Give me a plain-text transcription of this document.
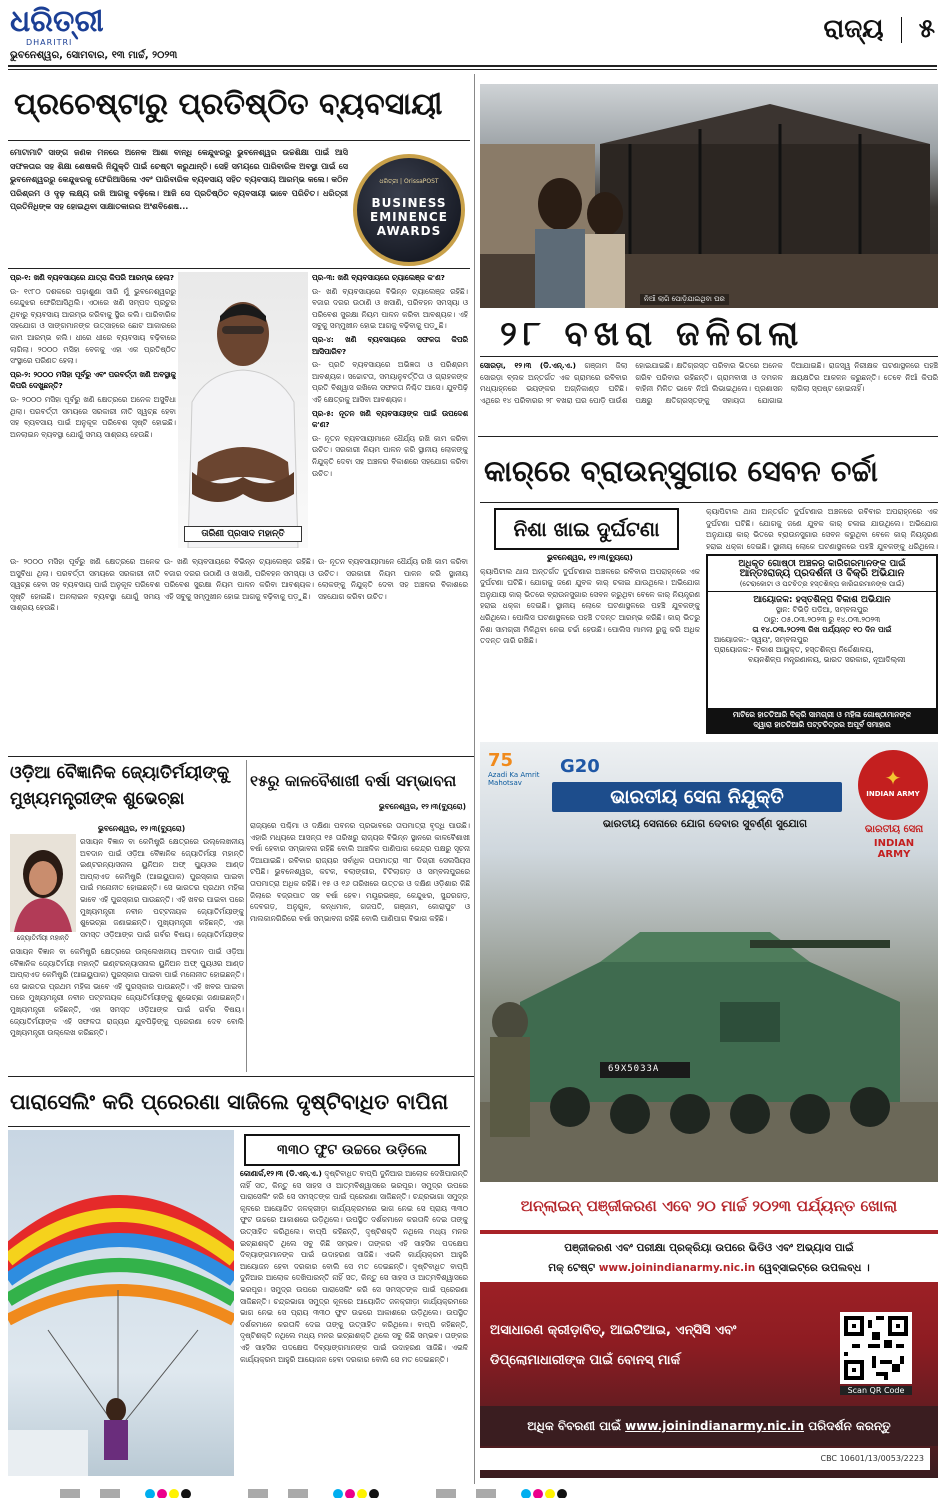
ଧରିତ୍ରୀ
DHARITRI
ଭୁବନେଶ୍ୱର, ସୋମବାର, ୧୩ ମାର୍ଚ୍ଚ, ୨୦୨୩
ରାଜ୍ୟ ୫
ପ୍ରଚେଷ୍ଟାରୁ ପ୍ରତିଷ୍ଠିତ ବ୍ୟବସାୟୀ
ମୋଟାମାଟି ସାଙ୍ଗ ଜଣକ ମନରେ ଅନେକ ଆଶା ବାନ୍ଧି କେନ୍ଦୁଝରରୁ ଭୁବନେଶ୍ୱର ଉଚ୍ଚଶିକ୍ଷା ପାଇଁ ଆସି ସଫଳତାର ସହ ଶିକ୍ଷା ଶେଷକରି ନିଯୁକ୍ତି ପାଇଁ ଚେଷ୍ଟା କରୁଥାନ୍ତି। ସେହି ସମୟରେ ପାରିବାରିକ ଅବସ୍ଥା ପାଇଁ ସେ ଭୁବନେଶ୍ୱରରୁ କେନ୍ଦୁଝରକୁ ଫେରିଆସିଲେ ଏବଂ ପାରିବାରିକ ବ୍ୟବସାୟ ସହିତ ବ୍ୟବସାୟ ଆରମ୍ଭ କଲେ। କଠିନ ପରିଶ୍ରମ ଓ ଦୃଢ଼ ଲକ୍ଷ୍ୟ ରଖି ଆଗକୁ ବଢ଼ିଲେ। ଆଜି ସେ ପ୍ରତିଷ୍ଠିତ ବ୍ୟବସାୟୀ ଭାବେ ପରିଚିତ। ଧରିତ୍ରୀ ପ୍ରତିନିଧିଙ୍କ ସହ ହୋଇଥିବା ସାକ୍ଷାତକାରର ଅଂଶବିଶେଷ...
ଧରିତ୍ରୀ | OrissaPOST
BUSINESS
EMINENCE
AWARDS

ପ୍ର-୧: ଖଣି ବ୍ୟବସାୟରେ ଯାତ୍ରା କିପରି ଆରମ୍ଭ ହେଲା?

ଉ- ୧୯୮୦ ଦଶକରେ ପଢ଼ାଶୁଣା ସାରି ମୁଁ ଭୁବନେଶ୍ୱରରୁ କେନ୍ଦୁଝର ଫେରିଆସିଥିଲି। ଏଠାରେ ଖଣି ସମ୍ପଦ ପ୍ରଚୁର ଥିବାରୁ ବ୍ୟବସାୟ ଆରମ୍ଭ କରିବାକୁ ସ୍ଥିର କଲି। ପାରିବାରିକ ସହଯୋଗ ଓ ସାଙ୍ଗମାନଙ୍କ ଉତ୍ସାହରେ ଛୋଟ ଆକାରରେ କାମ ଆରମ୍ଭ କଲି। ଧୀରେ ଧୀରେ ବ୍ୟବସାୟ ବଢ଼ିବାରେ ଲାଗିଲା। ୨୦୦୦ ମସିହା ବେଳକୁ ଏହା ଏକ ପ୍ରତିଷ୍ଠିତ ସଂସ୍ଥାରେ ପରିଣତ ହେଲା।

ପ୍ର-୨: ୨୦୦୦ ମସିହା ପୂର୍ବରୁ ଏବଂ ପରବର୍ତ୍ତୀ ଖଣି ଅବସ୍ଥାକୁ କିପରି ଦେଖୁଛନ୍ତି?

ଉ- ୨୦୦୦ ମସିହା ପୂର୍ବରୁ ଖଣି କ୍ଷେତ୍ରରେ ଅନେକ ଅସୁବିଧା ଥିଲା। ପରବର୍ତ୍ତୀ ସମୟରେ ସରକାରୀ ନୀତି ସ୍ୱଚ୍ଛ ହେବା ସହ ବ୍ୟବସାୟ ପାଇଁ ଅନୁକୂଳ ପରିବେଶ ସୃଷ୍ଟି ହୋଇଛି। ଅନଲାଇନ ବ୍ୟବସ୍ଥା ଯୋଗୁଁ ସମୟ ସାଶ୍ରୟ ହେଉଛି।

ତାରିଣୀ ପ୍ରସାଦ ମହାନ୍ତି

ପ୍ର-୩: ଖଣି ବ୍ୟବସାୟରେ ଚ୍ୟାଲେଞ୍ଜ କ'ଣ?

ଉ- ଖଣି ବ୍ୟବସାୟରେ ବିଭିନ୍ନ ଚ୍ୟାଲେଞ୍ଜ ରହିଛି। ବଜାର ଦରର ଉଠାଣି ଓ ଖସାଣି, ପରିବହନ ସମସ୍ୟା ଓ ପରିବେଶ ସୁରକ୍ଷା ନିୟମ ପାଳନ କରିବା ଆବଶ୍ୟକ। ଏହି ସବୁକୁ ସମ୍ମୁଖୀନ ହୋଇ ଆଗକୁ ବଢ଼ିବାକୁ ପଡ଼ୁଛି।

ପ୍ର-୪: ଖଣି ବ୍ୟବସାୟରେ ସଫଳତା କିପରି ଆସିପାରିବ?

ଉ- ପ୍ରତି ବ୍ୟବସାୟରେ ଅଭିଜ୍ଞତା ଓ ପରିଶ୍ରମ ଆବଶ୍ୟକ। ସଚ୍ଚୋଟତା, ସମୟାନୁବର୍ତ୍ତିତା ଓ ଗ୍ରାହକଙ୍କ ପ୍ରତି ବିଶ୍ୱାସ ରଖିଲେ ସଫଳତା ନିଶ୍ଚିତ ଆସେ। ଯୁବପିଢ଼ି ଏହି କ୍ଷେତ୍ରକୁ ଆସିବା ଆବଶ୍ୟକ।

ପ୍ର-୫: ନୂତନ ଖଣି ବ୍ୟବସାୟୀଙ୍କ ପାଇଁ ଉପଦେଶ କ'ଣ?

ଉ- ନୂତନ ବ୍ୟବସାୟୀମାନେ ଧୈର୍ଯ୍ୟ ରଖି କାମ କରିବା ଉଚିତ। ସରକାରୀ ନିୟମ ପାଳନ କରି ସ୍ଥାନୀୟ ଲୋକଙ୍କୁ ନିଯୁକ୍ତି ଦେବା ସହ ଅଞ୍ଚଳର ବିକାଶରେ ସହଯୋଗ କରିବା ଉଚିତ।

ଉ- ୨୦୦୦ ମସିହା ପୂର୍ବରୁ ଖଣି କ୍ଷେତ୍ରରେ ଅନେକ ଅସୁବିଧା ଥିଲା। ପରବର୍ତ୍ତୀ ସମୟରେ ସରକାରୀ ନୀତି ସ୍ୱଚ୍ଛ ହେବା ସହ ବ୍ୟବସାୟ ପାଇଁ ଅନୁକୂଳ ପରିବେଶ ସୃଷ୍ଟି ହୋଇଛି। ଅନଲାଇନ ବ୍ୟବସ୍ଥା ଯୋଗୁଁ ସମୟ ସାଶ୍ରୟ ହେଉଛି।
ଉ- ଖଣି ବ୍ୟବସାୟରେ ବିଭିନ୍ନ ଚ୍ୟାଲେଞ୍ଜ ରହିଛି। ବଜାର ଦରର ଉଠାଣି ଓ ଖସାଣି, ପରିବହନ ସମସ୍ୟା ଓ ପରିବେଶ ସୁରକ୍ଷା ନିୟମ ପାଳନ କରିବା ଆବଶ୍ୟକ। ଏହି ସବୁକୁ ସମ୍ମୁଖୀନ ହୋଇ ଆଗକୁ ବଢ଼ିବାକୁ ପଡ଼ୁଛି।
ଉ- ନୂତନ ବ୍ୟବସାୟୀମାନେ ଧୈର୍ଯ୍ୟ ରଖି କାମ କରିବା ଉଚିତ। ସରକାରୀ ନିୟମ ପାଳନ କରି ସ୍ଥାନୀୟ ଲୋକଙ୍କୁ ନିଯୁକ୍ତି ଦେବା ସହ ଅଞ୍ଚଳର ବିକାଶରେ ସହଯୋଗ କରିବା ଉଚିତ।
ନିଆଁ ଲାଗି ପୋଡ଼ିଯାଇଥିବା ଘର
୨୮ ବଖରା ଜଳିଗଲା
ସୋରଡ଼ା, ୧୨।୩ (ଡି.ଏନ୍.ଏ.) ଗଞ୍ଜାମ ଜିଲା ସୋରଡ଼ା ବ୍ଲକ ଅନ୍ତର୍ଗତ ଏକ ଗ୍ରାମରେ ରବିବାର ମଧ୍ୟାହ୍ନରେ ଭୟଙ୍କର ଅଗ୍ନିକାଣ୍ଡ ଘଟିଛି। ଏଥିରେ ୧୪ ପରିବାରର ୨୮ ବଖରା ଘର ପୋଡ଼ି ପାଉଁଶ ହୋଇଯାଇଛି। କ୍ଷତିଗ୍ରସ୍ତ ପରିବାର ଭିତରେ ଅନେକ ଗରିବ ପରିବାର ରହିଛନ୍ତି। ଗ୍ରାମବାସୀ ଓ ଦମକଳ ବାହିନୀ ମିଳିତ ଭାବେ ନିଆଁ ଲିଭାଇଥିଲେ। ପ୍ରଶାସନ ପକ୍ଷରୁ କ୍ଷତିଗ୍ରସ୍ତଙ୍କୁ ସହାୟତା ଯୋଗାଇ ଦିଆଯାଇଛି। ରାଜସ୍ୱ ନିରୀକ୍ଷକ ଘଟଣାସ୍ଥଳରେ ପହଞ୍ଚି କ୍ଷୟକ୍ଷତିର ଆକଳନ କରୁଛନ୍ତି। ତେବେ ନିଆଁ କିପରି ଲାଗିଲା ସ୍ପଷ୍ଟ ହୋଇନାହିଁ।
କାର୍‌ରେ ବ୍ରାଉନ୍‌ସୁଗାର ସେବନ ଚର୍ଚ୍ଚା
ନିଶା ଖାଇ ଦୁର୍ଘଟଣା
କ୍ୟାପିଟାଲ ଥାନା ଅନ୍ତର୍ଗତ ଦୁର୍ଘଟଣାର ଅଞ୍ଚଳରେ ରବିବାର ଅପରାହ୍ନରେ ଏକ ଦୁର୍ଘଟଣା ଘଟିଛି। ଯୋଗକୁ ଜଣେ ଯୁବକ କାର୍ ଚଳାଇ ଯାଉଥିଲେ। ଅଭିଯୋଗ ଅନୁଯାୟୀ କାର୍ ଭିତରେ ବ୍ରାଉନସୁଗାର ସେବନ କରୁଥିବା ବେଳେ କାର୍ ନିୟନ୍ତ୍ରଣ ହରାଇ ଧକ୍କା ଦେଇଛି। ସ୍ଥାନୀୟ ଲୋକେ ଘଟଣାସ୍ଥଳରେ ପହଞ୍ଚି ଯୁବକଙ୍କୁ ଧରିଥିଲେ।

ଭୁବନେଶ୍ୱର, ୧୨।୩(ବ୍ୟୁରୋ)

କ୍ୟାପିଟାଲ ଥାନା ଅନ୍ତର୍ଗତ ଦୁର୍ଘଟଣାର ଅଞ୍ଚଳରେ ରବିବାର ଅପରାହ୍ନରେ ଏକ ଦୁର୍ଘଟଣା ଘଟିଛି। ଯୋଗକୁ ଜଣେ ଯୁବକ କାର୍ ଚଳାଇ ଯାଉଥିଲେ। ଅଭିଯୋଗ ଅନୁଯାୟୀ କାର୍ ଭିତରେ ବ୍ରାଉନସୁଗାର ସେବନ କରୁଥିବା ବେଳେ କାର୍ ନିୟନ୍ତ୍ରଣ ହରାଇ ଧକ୍କା ଦେଇଛି। ସ୍ଥାନୀୟ ଲୋକେ ଘଟଣାସ୍ଥଳରେ ପହଞ୍ଚି ଯୁବକଙ୍କୁ ଧରିଥିଲେ। ପୋଲିସ ଘଟଣାସ୍ଥଳରେ ପହଞ୍ଚି ତଦନ୍ତ ଆରମ୍ଭ କରିଛି। କାର୍ ଭିତରୁ ନିଶା ସାମଗ୍ରୀ ମିଳିଥିବା ନେଇ ଚର୍ଚ୍ଚା ହେଉଛି। ପୋଲିସ ମାମଲା ରୁଜୁ କରି ଅଧିକ ତଦନ୍ତ ଜାରି ରଖିଛି।

ଅଧିକୃତ ଗୋଷ୍ଠୀ ଅଞ୍ଚଳର କାରିଗରମାନଙ୍କ ପାଇଁ
ଆନ୍ତଃରାଜ୍ୟ ପ୍ରଦର୍ଶନୀ ଓ ବିକ୍ରି ଅଭିଯାନ
(ଟେରାକୋଟା ଓ ପଟଚିତ୍ର ହସ୍ତଶିଳ୍ପ କାରିଗରମାନଙ୍କ ପାଇଁ)
ଆୟୋଜକ: ହସ୍ତଶିଳ୍ପ ବିକାଶ ଅଭିଯାନ
ସ୍ଥାନ: ଟିଭିଡ଼ି ପଡ଼ିଆ, ସମ୍ବଲପୁର
ଠାରୁ: ୦୫.୦୩.୨୦୨୩ ରୁ ୧୪.୦୩.୨୦୨୩
ତା ୧୪.୦୩.୨୦୨୩ ରିଖ ପର୍ଯ୍ୟନ୍ତ ୧୦ ଦିନ ପାଇଁ
ଆୟୋଜକ:- ସ୍ୱୟଂ, ସମ୍ବଲପୁର
ପ୍ରାୟୋଜକ:- ବିକାଶ ଆୟୁକ୍ତ, ହସ୍ତଶିଳ୍ପ ନିର୍ଦ୍ଦେଶାଳୟ,
ବୟନଶିଳ୍ପ ମନ୍ତ୍ରଣାଳୟ, ଭାରତ ସରକାର, ନୂଆଦିଲ୍ଲୀ
ମାଟିରେ ହାତତିଆରି ବିକ୍ରି ସାମଗ୍ରୀ ଓ ମହିଳା ଗୋଷ୍ଠୀମାନଙ୍କ
ଦ୍ୱାରା ହାତତିଆରି ପଟ୍ଟଚିତ୍ରର ଅପୂର୍ବ ସମାହାର
ଓଡ଼ିଆ ବୈଜ୍ଞାନିକ ଜ୍ୟୋତିର୍ମୟୀଙ୍କୁ
ମୁଖ୍ୟମନ୍ତ୍ରୀଙ୍କ ଶୁଭେଚ୍ଛା
ଭୁବନେଶ୍ୱର, ୧୨।୩(ବ୍ୟୁରୋ)
ଜ୍ୟୋତିର୍ମୟୀ ମହାନ୍ତି
ରସାୟନ ବିଜ୍ଞାନ ବା କେମିଷ୍ଟ୍ରି କ୍ଷେତ୍ରରେ ଉଲ୍ଲେଖନୀୟ ଅବଦାନ ପାଇଁ ଓଡ଼ିଆ ବୈଜ୍ଞାନିକ ଜ୍ୟୋତିର୍ମୟୀ ମହାନ୍ତି ଇଣ୍ଟରନ୍ୟାସନାଲ ୟୁନିଅନ ଅଫ୍ ପ୍ୟୁଓର ଆଣ୍ଡ ଆପ୍ଲାଏଡ କେମିଷ୍ଟ୍ରି (ଆଇୟୁପାକ) ପୁରସ୍କାର ପାଇବା ପାଇଁ ମନୋନୀତ ହୋଇଛନ୍ତି। ସେ ଭାରତର ପ୍ରଥମ ମହିଳା ଭାବେ ଏହି ପୁରସ୍କାର ପାଉଛନ୍ତି। ଏହି ଖବର ପାଇବା ପରେ ମୁଖ୍ୟମନ୍ତ୍ରୀ ନବୀନ ପଟ୍ଟନାୟକ ଜ୍ୟୋତିର୍ମୟୀଙ୍କୁ ଶୁଭେଚ୍ଛା ଜଣାଇଛନ୍ତି। ମୁଖ୍ୟମନ୍ତ୍ରୀ କହିଛନ୍ତି, ଏହା ସମସ୍ତ ଓଡ଼ିଆଙ୍କ ପାଇଁ ଗର୍ବର ବିଷୟ। ଜ୍ୟୋତିର୍ମୟୀଙ୍କ
ରସାୟନ ବିଜ୍ଞାନ ବା କେମିଷ୍ଟ୍ରି କ୍ଷେତ୍ରରେ ଉଲ୍ଲେଖନୀୟ ଅବଦାନ ପାଇଁ ଓଡ଼ିଆ ବୈଜ୍ଞାନିକ ଜ୍ୟୋତିର୍ମୟୀ ମହାନ୍ତି ଇଣ୍ଟରନ୍ୟାସନାଲ ୟୁନିଅନ ଅଫ୍ ପ୍ୟୁଓର ଆଣ୍ଡ ଆପ୍ଲାଏଡ କେମିଷ୍ଟ୍ରି (ଆଇୟୁପାକ) ପୁରସ୍କାର ପାଇବା ପାଇଁ ମନୋନୀତ ହୋଇଛନ୍ତି। ସେ ଭାରତର ପ୍ରଥମ ମହିଳା ଭାବେ ଏହି ପୁରସ୍କାର ପାଉଛନ୍ତି। ଏହି ଖବର ପାଇବା ପରେ ମୁଖ୍ୟମନ୍ତ୍ରୀ ନବୀନ ପଟ୍ଟନାୟକ ଜ୍ୟୋତିର୍ମୟୀଙ୍କୁ ଶୁଭେଚ୍ଛା ଜଣାଇଛନ୍ତି। ମୁଖ୍ୟମନ୍ତ୍ରୀ କହିଛନ୍ତି, ଏହା ସମସ୍ତ ଓଡ଼ିଆଙ୍କ ପାଇଁ ଗର୍ବର ବିଷୟ। ଜ୍ୟୋତିର୍ମୟୀଙ୍କ ଏହି ସଫଳତା ରାଜ୍ୟର ଯୁବପିଢ଼ିଙ୍କୁ ପ୍ରେରଣା ଦେବ ବୋଲି ମୁଖ୍ୟମନ୍ତ୍ରୀ ଉଲ୍ଲେଖ କରିଛନ୍ତି।
୧୫ରୁ କାଳବୈଶାଖୀ ବର୍ଷା ସମ୍ଭାବନା
ଭୁବନେଶ୍ୱର, ୧୨।୩(ବ୍ୟୁରୋ)
ରାଜ୍ୟରେ ପଶ୍ଚିମା ଓ ଦକ୍ଷିଣା ପବନର ପ୍ରଭାବରେ ତାପମାତ୍ରା ବୃଦ୍ଧି ପାଉଛି। ଏହାରି ମଧ୍ୟରେ ଆସନ୍ତା ୧୫ ତାରିଖରୁ ରାଜ୍ୟର ବିଭିନ୍ନ ସ୍ଥାନରେ କାଳବୈଶାଖୀ ବର୍ଷା ହେବାର ସମ୍ଭାବନା ରହିଛି ବୋଲି ଆଞ୍ଚଳିକ ପାଣିପାଗ କେନ୍ଦ୍ର ପକ୍ଷରୁ ସୂଚନା ଦିଆଯାଇଛି। ରବିବାର ରାଜ୍ୟର ସର୍ବାଧିକ ତାପମାତ୍ରା ୩୮ ଡିଗ୍ରୀ ସେଲସିୟସ ଟପିଛି। ଭୁବନେଶ୍ୱର, କଟକ, ବଲାଙ୍ଗୀର, ଟିଟିଲାଗଡ଼ ଓ ସମ୍ବଲପୁରରେ ତାପମାତ୍ରା ଅଧିକ ରହିଛି। ୧୫ ଓ ୧୬ ତାରିଖରେ ଉତ୍ତର ଓ ଦକ୍ଷିଣ ଓଡ଼ିଶାର କିଛି ଜିଲାରେ ବଜ୍ରପାତ ସହ ବର୍ଷା ହେବ। ମୟୂରଭଞ୍ଜ, କେନ୍ଦୁଝର, ସୁନ୍ଦରଗଡ଼, ଦେବଗଡ଼, ଅନୁଗୁଳ, କନ୍ଧମାଳ, ଗଜପତି, ଗଞ୍ଜାମ, କୋରାପୁଟ ଓ ମାଲକାନଗିରିରେ ବର୍ଷା ସମ୍ଭାବନା ରହିଛି ବୋଲି ପାଣିପାଗ ବିଭାଗ କହିଛି।
ପାରାସେଲିଂ କରି ପ୍ରେରଣା ସାଜିଲେ ଦୃଷ୍ଟିବାଧିତ ବାପିନା
୩୩୦ ଫୁଟ ଉଚ୍ଚରେ ଉଡ଼ିଲେ
କୋଣାର୍କ,୧୨।୩ (ଡି.ଏନ୍.ଏ.) ଦୃଷ୍ଟିବାଧିତ ବାପ୍ପି ଦୁନିଆର ଆଲୋକ ଦେଖିପାରନ୍ତି ନାହିଁ ସତ, କିନ୍ତୁ ସେ ସାହସ ଓ ଆତ୍ମବିଶ୍ୱାସରେ ଭରପୂର। ସମୁଦ୍ର ଉପରେ ପାରାସେଲିଂ କରି ସେ ସମସ୍ତଙ୍କ ପାଇଁ ପ୍ରେରଣା ସାଜିଛନ୍ତି। ଚନ୍ଦ୍ରଭାଗା ସମୁଦ୍ର କୂଳରେ ଆୟୋଜିତ ଜଳକ୍ରୀଡ଼ା କାର୍ଯ୍ୟକ୍ରମରେ ଭାଗ ନେଇ ସେ ପ୍ରାୟ ୩୩୦ ଫୁଟ ଉଚ୍ଚରେ ଆକାଶରେ ଉଡ଼ିଥିଲେ। ଉପସ୍ଥିତ ଦର୍ଶକମାନେ କରତାଳି ଦେଇ ତାଙ୍କୁ ଉତ୍ସାହିତ କରିଥିଲେ। ବାପ୍ପି କହିଛନ୍ତି, ଦୃଷ୍ଟିଶକ୍ତି ନଥିଲେ ମଧ୍ୟ ମନର ଇଚ୍ଛାଶକ୍ତି ଥିଲେ ସବୁ କିଛି ସମ୍ଭବ। ତାଙ୍କର ଏହି ସାହସିକ ପଦକ୍ଷେପ ଦିବ୍ୟାଙ୍ଗମାନଙ୍କ ପାଇଁ ଉଦାହରଣ ସାଜିଛି। ଏଭଳି କାର୍ଯ୍ୟକ୍ରମ ଆହୁରି ଆୟୋଜନ ହେବା ଦରକାର ବୋଲି ସେ ମତ ଦେଇଛନ୍ତି। ଦୃଷ୍ଟିବାଧିତ ବାପ୍ପି ଦୁନିଆର ଆଲୋକ ଦେଖିପାରନ୍ତି ନାହିଁ ସତ, କିନ୍ତୁ ସେ ସାହସ ଓ ଆତ୍ମବିଶ୍ୱାସରେ ଭରପୂର। ସମୁଦ୍ର ଉପରେ ପାରାସେଲିଂ କରି ସେ ସମସ୍ତଙ୍କ ପାଇଁ ପ୍ରେରଣା ସାଜିଛନ୍ତି। ଚନ୍ଦ୍ରଭାଗା ସମୁଦ୍ର କୂଳରେ ଆୟୋଜିତ ଜଳକ୍ରୀଡ଼ା କାର୍ଯ୍ୟକ୍ରମରେ ଭାଗ ନେଇ ସେ ପ୍ରାୟ ୩୩୦ ଫୁଟ ଉଚ୍ଚରେ ଆକାଶରେ ଉଡ଼ିଥିଲେ। ଉପସ୍ଥିତ ଦର୍ଶକମାନେ କରତାଳି ଦେଇ ତାଙ୍କୁ ଉତ୍ସାହିତ କରିଥିଲେ। ବାପ୍ପି କହିଛନ୍ତି, ଦୃଷ୍ଟିଶକ୍ତି ନଥିଲେ ମଧ୍ୟ ମନର ଇଚ୍ଛାଶକ୍ତି ଥିଲେ ସବୁ କିଛି ସମ୍ଭବ। ତାଙ୍କର ଏହି ସାହସିକ ପଦକ୍ଷେପ ଦିବ୍ୟାଙ୍ଗମାନଙ୍କ ପାଇଁ ଉଦାହରଣ ସାଜିଛି। ଏଭଳି କାର୍ଯ୍ୟକ୍ରମ ଆହୁରି ଆୟୋଜନ ହେବା ଦରକାର ବୋଲି ସେ ମତ ଦେଇଛନ୍ତି।
75
Azadi Ka Amrit Mahotsav
G20
ଭାରତୀୟ ସେନା ନିଯୁକ୍ତି
ଭାରତୀୟ ସେନାରେ ଯୋଗ ଦେବାର ସୁବର୍ଣ୍ଣ ସୁଯୋଗ
✦
INDIAN ARMY
ଭାରତୀୟ ସେନା
INDIAN ARMY
69X5033A
ଅନ୍‌ଲାଇନ୍ ପଞ୍ଜୀକରଣ ଏବେ ୨୦ ମାର୍ଚ୍ଚ ୨୦୨୩ ପର୍ଯ୍ୟନ୍ତ ଖୋଲା
ପଞ୍ଜୀକରଣ ଏବଂ ପରୀକ୍ଷା ପ୍ରକ୍ରିୟା ଉପରେ ଭିଡିଓ ଏବଂ ଅଭ୍ୟାସ ପାଇଁ
ମକ୍ ଟେଷ୍ଟ www.joinindianarmy.nic.in ୱେବ୍‌ସାଇଟ୍‌ରେ ଉପଲବ୍ଧ ।
ଅସାଧାରଣ କ୍ରୀଡ଼ାବିତ୍, ଆଇଟିଆଇ, ଏନ୍‌ସିସି ଏବଂ
ଡିପ୍ଲୋମାଧାରୀଙ୍କ ପାଇଁ ବୋନସ୍ ମାର୍କ
Scan QR Code
ଅଧିକ ବିବରଣୀ ପାଇଁ www.joinindianarmy.nic.in ପରିଦର୍ଶନ କରନ୍ତୁ
CBC 10601/13/0053/2223
